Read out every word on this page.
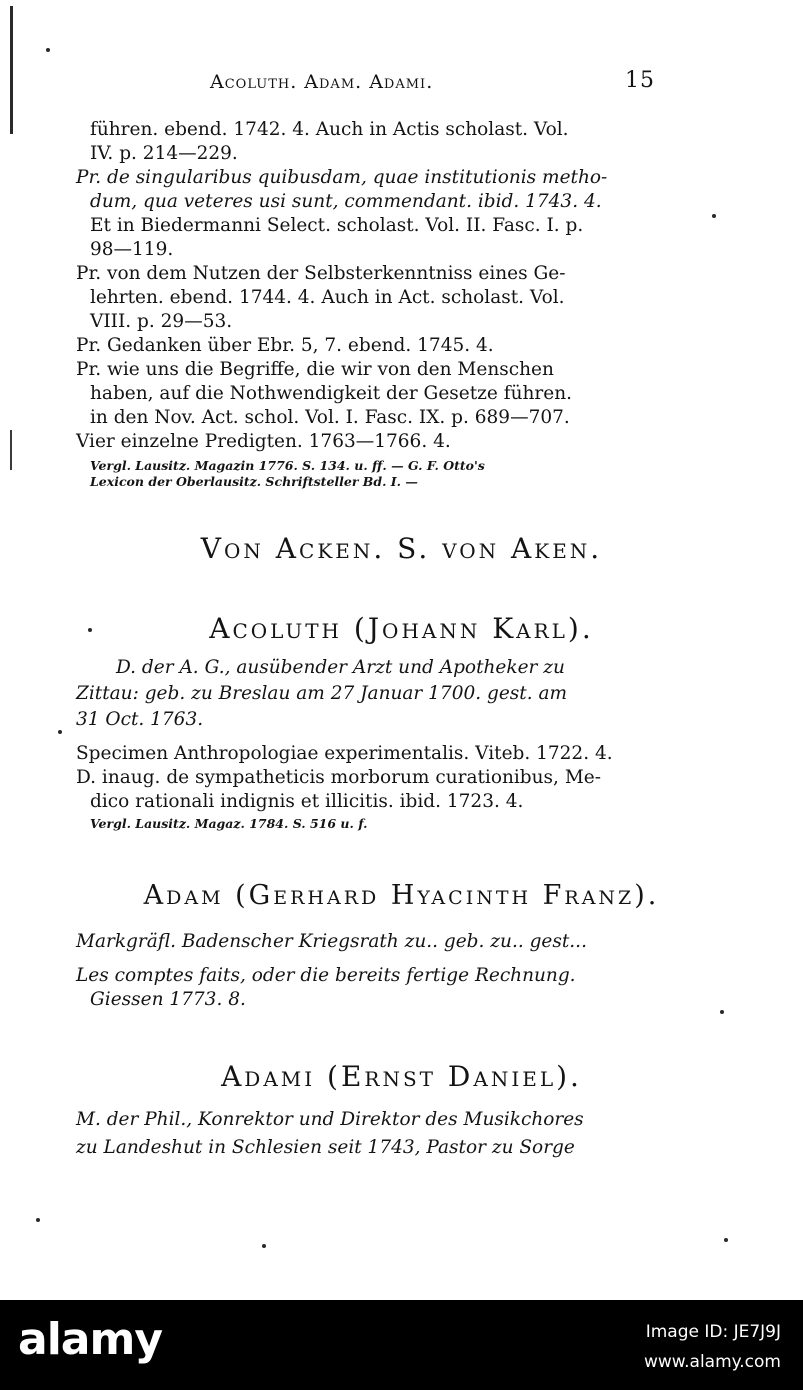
Acoluth. Adam. Adami.	15
führen. ebend. 1742. 4. Auch in Actis scholast. Vol.
IV. p. 214—229.
Pr. de singularibus quibusdam, quae institutionis metho-
dum, qua veteres usi sunt, commendant. ibid. 1743. 4.
Et in Biedermanni Select. scholast. Vol. II. Fasc. I. p.
98—119.
Pr. von dem Nutzen der Selbsterkenntniss eines Ge-
lehrten. ebend. 1744. 4. Auch in Act. scholast. Vol.
VIII. p. 29—53.
Pr. Gedanken über Ebr. 5, 7. ebend. 1745. 4.
Pr. wie uns die Begriffe, die wir von den Menschen
haben, auf die Nothwendigkeit der Gesetze führen.
in den Nov. Act. schol. Vol. I. Fasc. IX. p. 689—707.
Vier einzelne Predigten. 1763—1766. 4.
Vergl. Lausitz. Magazin 1776. S. 134. u. ff. — G. F. Otto's
Lexicon der Oberlausitz. Schriftsteller Bd. I. —
Von Acken. S. von Aken.
Acoluth (Johann Karl).
D. der A. G., ausübender Arzt und Apotheker zu
Zittau: geb. zu Breslau am 27 Januar 1700. gest. am
31 Oct. 1763.
Specimen Anthropologiae experimentalis. Viteb. 1722. 4.
D. inaug. de sympatheticis morborum curationibus, Me-
dico rationali indignis et illicitis. ibid. 1723. 4.
Vergl. Lausitz. Magaz. 1784. S. 516 u. f.
Adam (Gerhard Hyacinth Franz).
Markgräfl. Badenscher Kriegsrath zu.. geb. zu.. gest...
Les comptes faits, oder die bereits fertige Rechnung.
Giessen 1773. 8.
Adami (Ernst Daniel).
M. der Phil., Konrektor und Direktor des Musikchores
zu Landeshut in Schlesien seit 1743, Pastor zu Sorge
alamy	Image ID: JE7J9J
www.alamy.com
